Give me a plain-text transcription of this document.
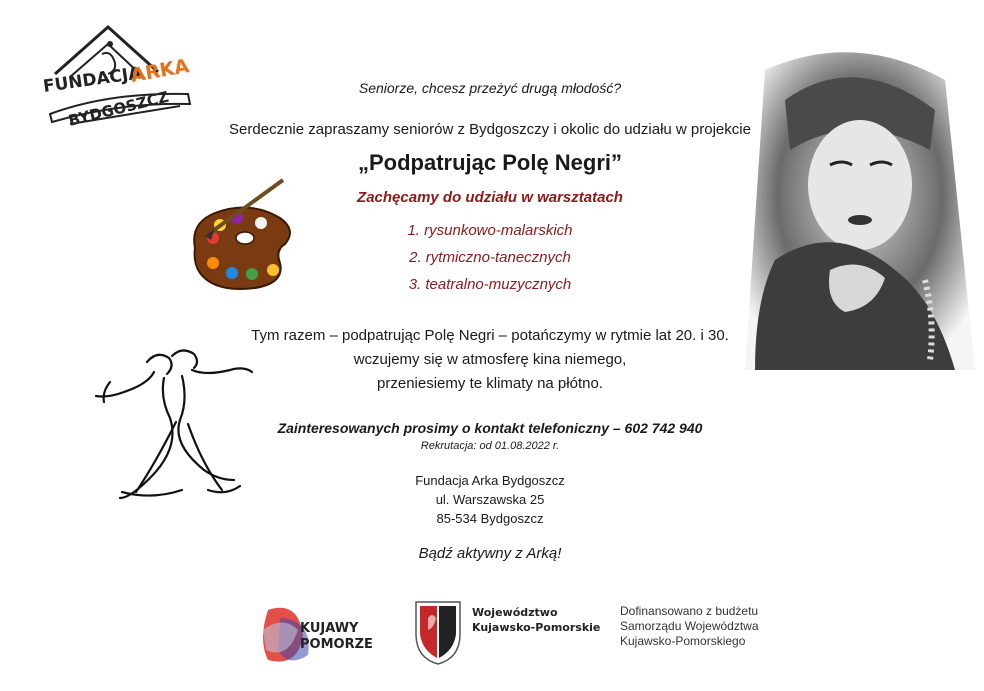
FUNDACJA
ARKA
BYDGOSZCZ	Seniorze, chcesz przeżyć drugą młodość?
Serdecznie zapraszamy seniorów z Bydgoszczy i okolic do udziału w projekcie
„Podpatrując Polę Negri”
Zachęcamy do udziału w warsztatach
1. rysunkowo-malarskich
2. rytmiczno-tanecznych
3. teatralno-muzycznych
Tym razem – podpatrując Polę Negri – potańczymy w rytmie lat 20. i 30.
wczujemy się w atmosferę kina niemego,
przeniesiemy te klimaty na płótno.
Zainteresowanych prosimy o kontakt telefoniczny – 602 742 940
Rekrutacja: od 01.08.2022 r.
Fundacja Arka Bydgoszcz
ul. Warszawska 25
85-534 Bydgoszcz
Bądź aktywny z Arką!
KUJAWY
POMORZE
Województwo
Kujawsko-Pomorskie
Dofinansowano z budżetu
Samorządu Województwa
Kujawsko-Pomorskiego
